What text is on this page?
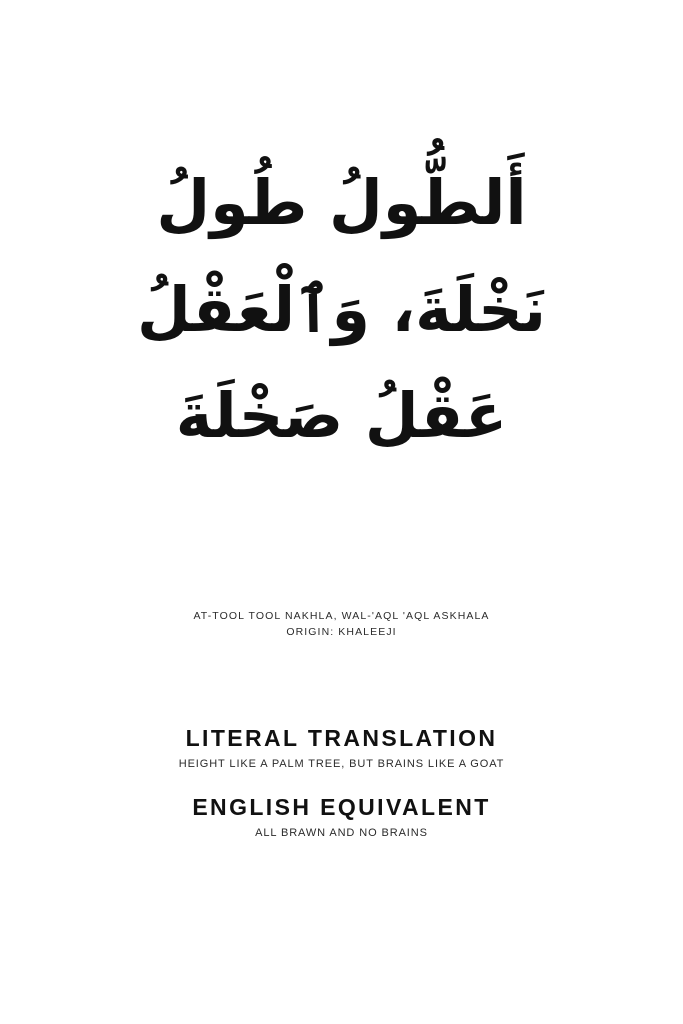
أَلطُّولُ طُولُ
نَخْلَةَ، وَٱلْعَقْلُ
عَقْلُ صَخْلَةَ
AT-TOOL TOOL NAKHLA, WAL-'AQL 'AQL ASKHALA
ORIGIN: KHALEEJI
LITERAL TRANSLATION
HEIGHT LIKE A PALM TREE, BUT BRAINS LIKE A GOAT
ENGLISH EQUIVALENT
ALL BRAWN AND NO BRAINS
